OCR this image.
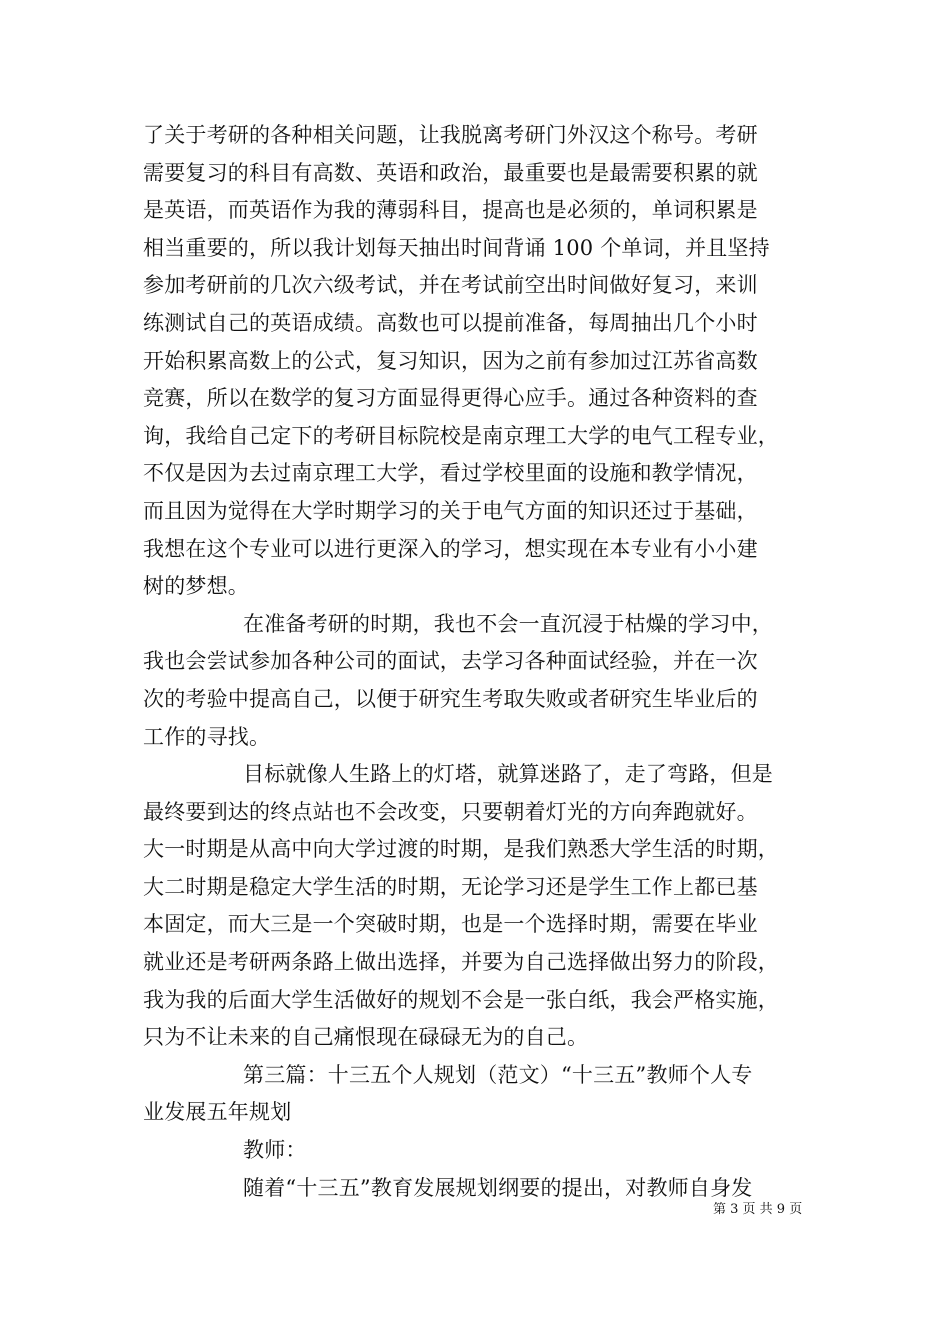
了关于考研的各种相关问题，让我脱离考研门外汉这个称号。考研
需要复习的科目有高数、英语和政治，最重要也是最需要积累的就
是英语，而英语作为我的薄弱科目，提高也是必须的，单词积累是
相当重要的，所以我计划每天抽出时间背诵 100 个单词，并且坚持
参加考研前的几次六级考试，并在考试前空出时间做好复习，来训
练测试自己的英语成绩。高数也可以提前准备，每周抽出几个小时
开始积累高数上的公式，复习知识，因为之前有参加过江苏省高数
竞赛，所以在数学的复习方面显得更得心应手。通过各种资料的查
询，我给自己定下的考研目标院校是南京理工大学的电气工程专业，
不仅是因为去过南京理工大学，看过学校里面的设施和教学情况，
而且因为觉得在大学时期学习的关于电气方面的知识还过于基础，
我想在这个专业可以进行更深入的学习，想实现在本专业有小小建
树的梦想。
在准备考研的时期，我也不会一直沉浸于枯燥的学习中，
我也会尝试参加各种公司的面试，去学习各种面试经验，并在一次
次的考验中提高自己，以便于研究生考取失败或者研究生毕业后的
工作的寻找。
目标就像人生路上的灯塔，就算迷路了，走了弯路，但是
最终要到达的终点站也不会改变，只要朝着灯光的方向奔跑就好。
大一时期是从高中向大学过渡的时期，是我们熟悉大学生活的时期，
大二时期是稳定大学生活的时期，无论学习还是学生工作上都已基
本固定，而大三是一个突破时期，也是一个选择时期，需要在毕业
就业还是考研两条路上做出选择，并要为自己选择做出努力的阶段，
我为我的后面大学生活做好的规划不会是一张白纸，我会严格实施，
只为不让未来的自己痛恨现在碌碌无为的自己。
第三篇：十三五个人规划（范文）“十三五”教师个人专
业发展五年规划
教师：
随着“十三五”教育发展规划纲要的提出，对教师自身发
第 3 页 共 9 页
